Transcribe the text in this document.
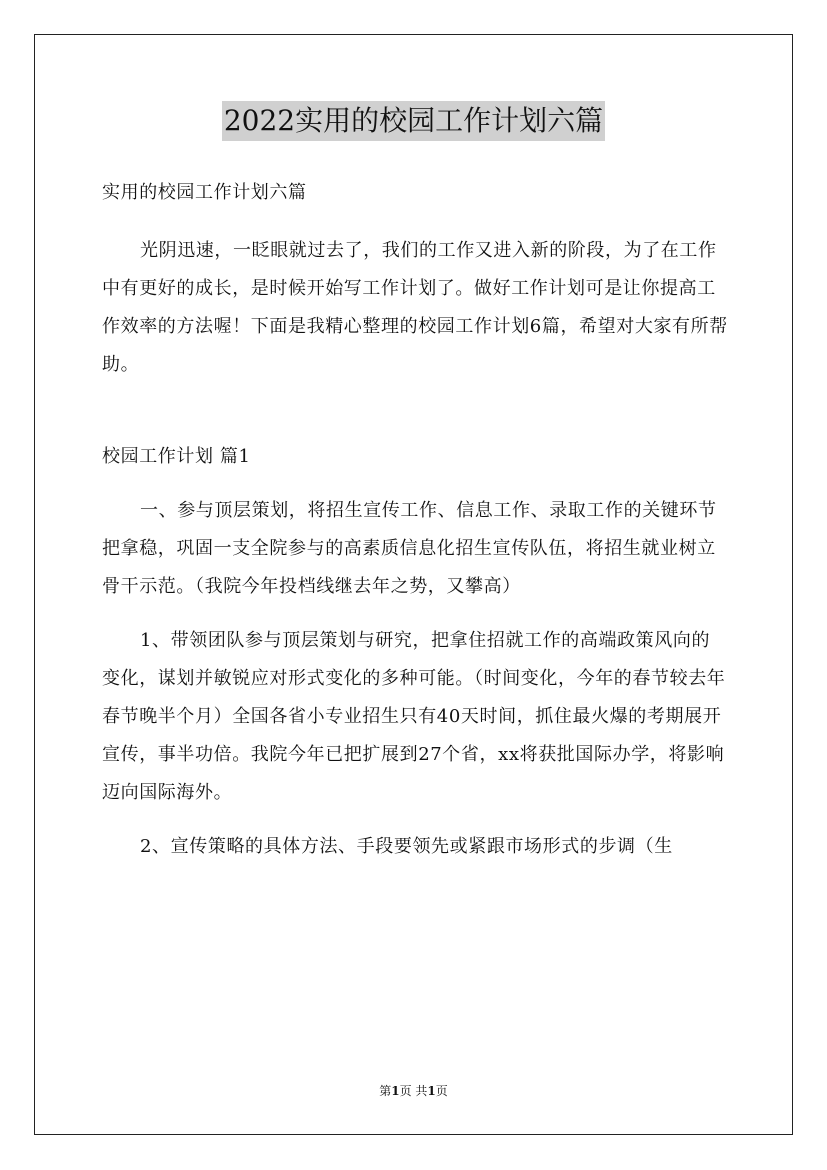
2022实用的校园工作计划六篇

实用的校园工作计划六篇

光阴迅速，一眨眼就过去了，我们的工作又进入新的阶段，为了在工作中有更好的成长，是时候开始写工作计划了。做好工作计划可是让你提高工作效率的方法喔！下面是我精心整理的校园工作计划6篇，希望对大家有所帮助。

校园工作计划 篇1

一、参与顶层策划，将招生宣传工作、信息工作、录取工作的关键环节把拿稳，巩固一支全院参与的高素质信息化招生宣传队伍，将招生就业树立骨干示范。（我院今年投档线继去年之势，又攀高）

1、带领团队参与顶层策划与研究，把拿住招就工作的高端政策风向的变化，谋划并敏锐应对形式变化的多种可能。（时间变化，今年的春节较去年春节晚半个月）全国各省小专业招生只有40天时间，抓住最火爆的考期展开宣传，事半功倍。我院今年已把扩展到27个省，xx将获批国际办学，将影响迈向国际海外。

2、宣传策略的具体方法、手段要领先或紧跟市场形式的步调（生

第1页 共1页
